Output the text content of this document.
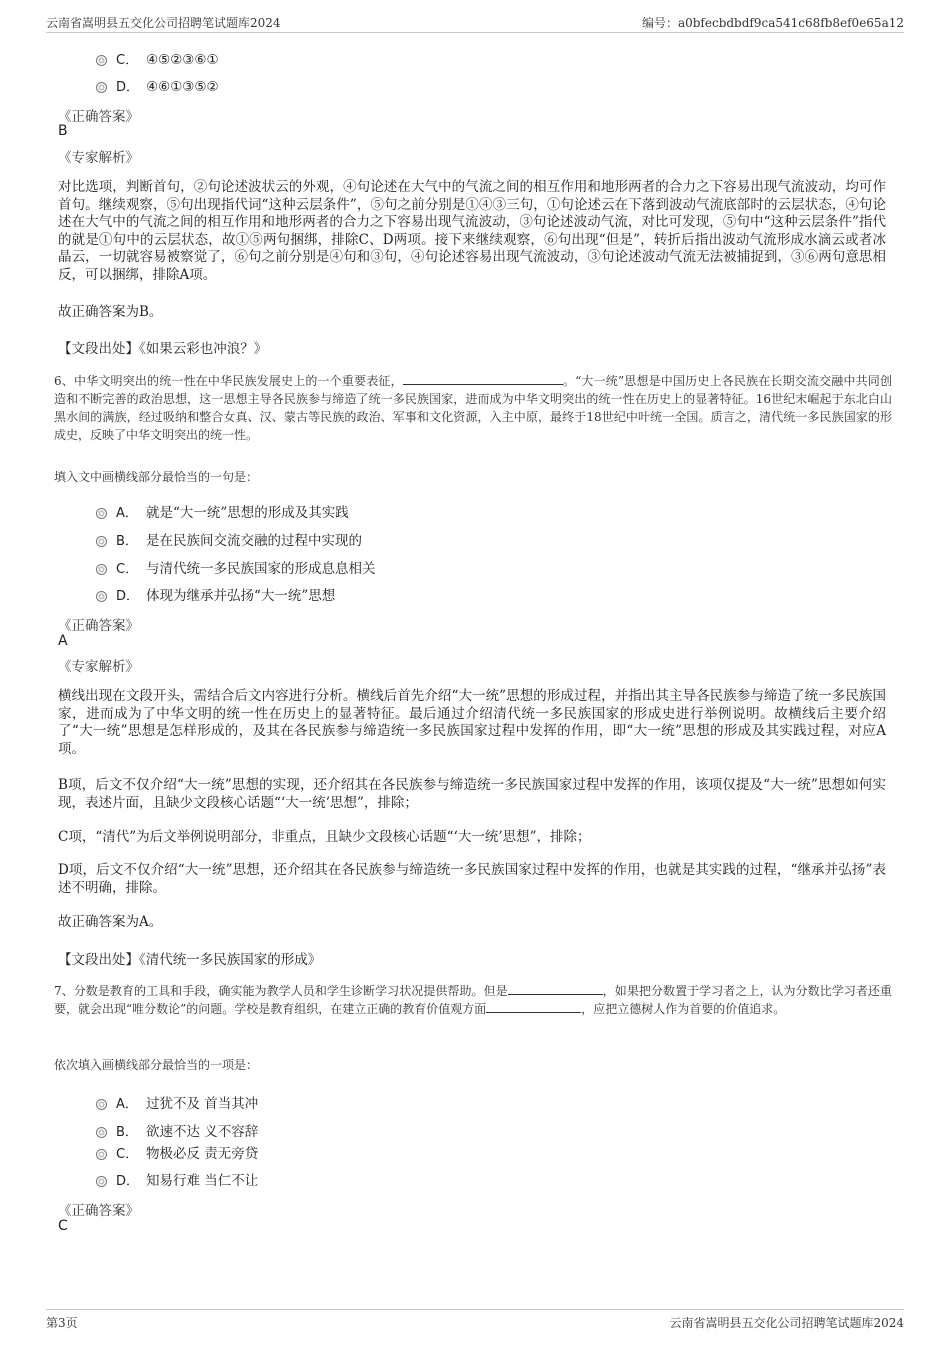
云南省嵩明县五交化公司招聘笔试题库2024	编号：a0bfecbdbdf9ca541c68fb8ef0e65a12
C． ④⑤②③⑥①
D． ④⑥①③⑤②
《正确答案》
B
《专家解析》
对比选项，判断首句，②句论述波状云的外观，④句论述在大气中的气流之间的相互作用和地形两者的合力之下容易出现气流波动，均可作首句。继续观察，⑤句出现指代词“这种云层条件”，⑤句之前分别是①④③三句，①句论述云在下落到波动气流底部时的云层状态，④句论述在大气中的气流之间的相互作用和地形两者的合力之下容易出现气流波动，③句论述波动气流，对比可发现，⑤句中“这种云层条件”指代的就是①句中的云层状态，故①⑤两句捆绑，排除C、D两项。接下来继续观察，⑥句出现“但是”，转折后指出波动气流形成水滴云或者冰晶云，一切就容易被察觉了，⑥句之前分别是④句和③句，④句论述容易出现气流波动，③句论述波动气流无法被捕捉到，③⑥两句意思相反，可以捆绑，排除A项。
故正确答案为B。
【文段出处】《如果云彩也冲浪？》
6、中华文明突出的统一性在中华民族发展史上的一个重要表征，	。“大一统”思想是中国历史上各民族在长期交流交融中共同创造和不断完善的政治思想，这一思想主导各民族参与缔造了统一多民族国家，进而成为中华文明突出的统一性在历史上的显著特征。16世纪末崛起于东北白山黑水间的满族，经过吸纳和整合女真、汉、蒙古等民族的政治、军事和文化资源，入主中原，最终于18世纪中叶统一全国。质言之，清代统一多民族国家的形成史，反映了中华文明突出的统一性。
填入文中画横线部分最恰当的一句是：
A． 就是“大一统”思想的形成及其实践
B． 是在民族间交流交融的过程中实现的
C． 与清代统一多民族国家的形成息息相关
D． 体现为继承并弘扬“大一统”思想
《正确答案》
A
《专家解析》
横线出现在文段开头，需结合后文内容进行分析。横线后首先介绍“大一统”思想的形成过程，并指出其主导各民族参与缔造了统一多民族国家，进而成为了中华文明的统一性在历史上的显著特征。最后通过介绍清代统一多民族国家的形成史进行举例说明。故横线后主要介绍了“大一统”思想是怎样形成的，及其在各民族参与缔造统一多民族国家过程中发挥的作用，即“大一统”思想的形成及其实践过程，对应A项。
B项，后文不仅介绍“大一统”思想的实现，还介绍其在各民族参与缔造统一多民族国家过程中发挥的作用，该项仅提及“大一统”思想如何实现，表述片面，且缺少文段核心话题“‘大一统’思想”，排除；
C项，“清代”为后文举例说明部分，非重点，且缺少文段核心话题“‘大一统’思想”，排除；
D项，后文不仅介绍“大一统”思想，还介绍其在各民族参与缔造统一多民族国家过程中发挥的作用，也就是其实践的过程，“继承并弘扬”表述不明确，排除。
故正确答案为A。
【文段出处】《清代统一多民族国家的形成》
7、分数是教育的工具和手段，确实能为教学人员和学生诊断学习状况提供帮助。但是	，如果把分数置于学习者之上，认为分数比学习者还重要，就会出现“唯分数论”的问题。学校是教育组织，在建立正确的教育价值观方面	，应把立德树人作为首要的价值追求。
依次填入画横线部分最恰当的一项是：
A． 过犹不及 首当其冲
B． 欲速不达 义不容辞
C． 物极必反 责无旁贷
D． 知易行难 当仁不让
《正确答案》
C
第3页	云南省嵩明县五交化公司招聘笔试题库2024
